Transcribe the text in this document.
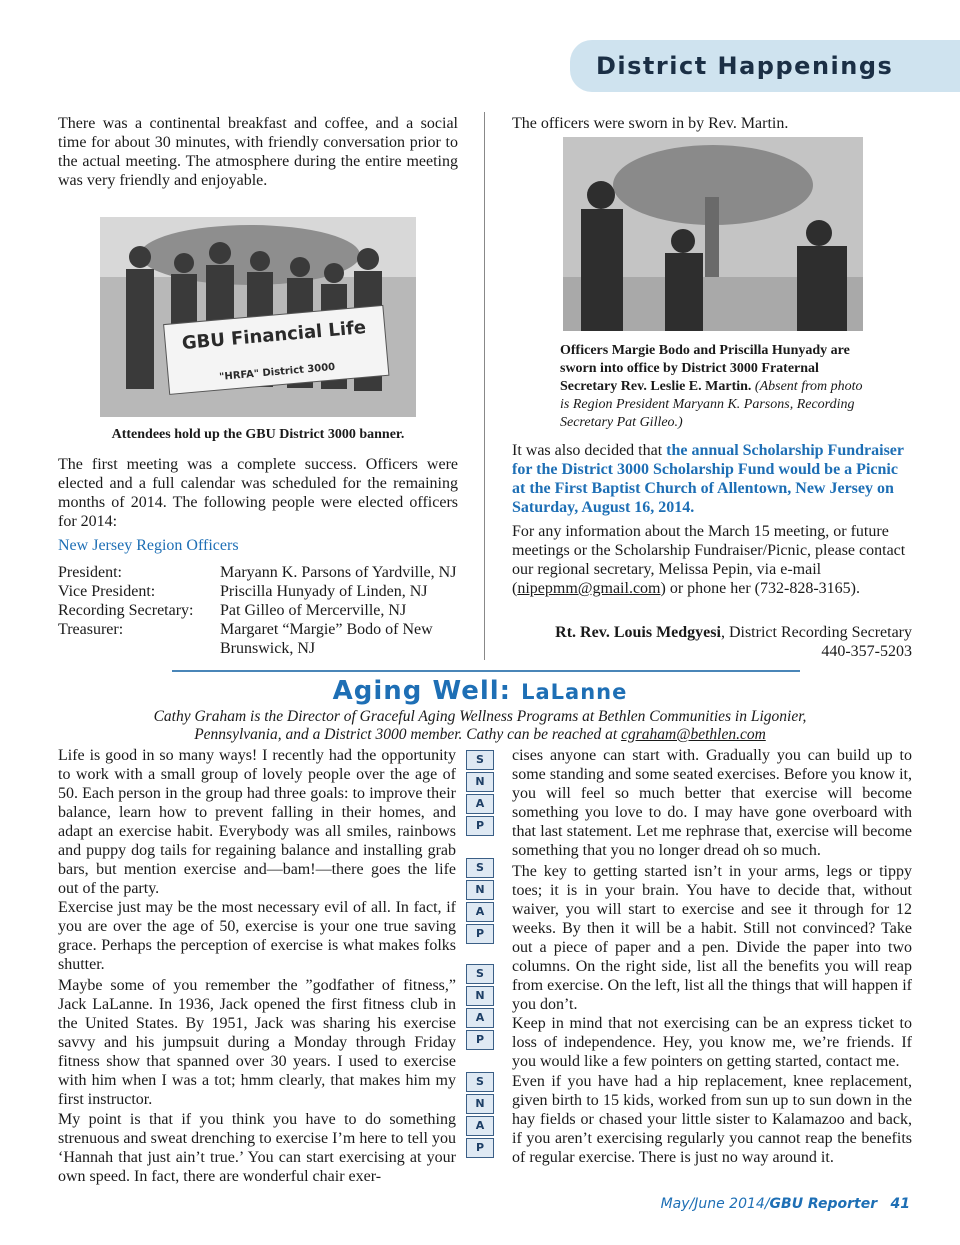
District Happenings

There was a continental breakfast and coffee, and a social time for about 30 minutes, with friendly conversation prior to the actual meeting. The atmosphere during the entire meeting was very friendly and enjoyable.

GBU Financial Life
"HRFA" District 3000

Attendees hold up the GBU District 3000 banner.

The first meeting was a complete success. Officers were elected and a full calendar was scheduled for the remaining months of 2014. The following people were elected officers for 2014:

New Jersey Region Officers

President:	Maryann K. Parsons of Yardville, NJ
Vice President:	Priscilla Hunyady of Linden, NJ
Recording Secretary:	Pat Gilleo of Mercerville, NJ
Treasurer:	Margaret “Margie” Bodo of New Brunswick, NJ

The officers were sworn in by Rev. Martin.

Officers Margie Bodo and Priscilla Hunyady are sworn into office by District 3000 Fraternal Secretary Rev. Leslie E. Martin. (Absent from photo is Region President Maryann K. Parsons, Recording Secretary Pat Gilleo.)

It was also decided that the annual Scholarship Fundraiser for the District 3000 Scholarship Fund would be a Picnic at the First Baptist Church of Allentown, New Jersey on Saturday, August 16, 2014.

For any information about the March 15 meeting, or future meetings or the Scholarship Fundraiser/Picnic, please contact our regional secretary, Melissa Pepin, via e-mail (nipepmm@gmail.com) or phone her (732-828-3165).

Rt. Rev. Louis Medgyesi, District Recording Secretary
440-357-5203

Aging Well: LaLanne

Cathy Graham is the Director of Graceful Aging Wellness Programs at Bethlen Communities in Ligonier, Pennsylvania, and a District 3000 member. Cathy can be reached at cgraham@bethlen.com

Life is good in so many ways! I recently had the opportunity to work with a small group of lovely people over the age of 50. Each person in the group had three goals: to improve their balance, learn how to prevent falling in their homes, and adapt an exercise habit. Everybody was all smiles, rainbows and puppy dog tails for regaining balance and installing grab bars, but mention exercise and—bam!—there goes the life out of the party.

Exercise just may be the most necessary evil of all. In fact, if you are over the age of 50, exercise is your one true saving grace. Perhaps the perception of exercise is what makes folks shutter.

Maybe some of you remember the ”godfather of fitness,” Jack LaLanne. In 1936, Jack opened the first fitness club in the United States. By 1951, Jack was sharing his exercise savvy and his jumpsuit during a Monday through Friday fitness show that spanned over 30 years. I used to exercise with him when I was a tot; hmm clearly, that makes him my first instructor.

My point is that if you think you have to do something strenuous and sweat drenching to exercise I’m here to tell you ‘Hannah that just ain’t true.’ You can start exercising at your own speed. In fact, there are wonderful chair exer-

S
N
A
P
S
N
A
P
S
N
A
P
S
N
A
P

cises anyone can start with. Gradually you can build up to some standing and some seated exercises. Before you know it, you will feel so much better that exercise will become something you love to do. I may have gone overboard with that last statement. Let me rephrase that, exercise will become something that you no longer dread oh so much.

The key to getting started isn’t in your arms, legs or tippy toes; it is in your brain. You have to decide that, without waiver, you will start to exercise and see it through for 12 weeks. By then it will be a habit. Still not convinced? Take out a piece of paper and a pen. Divide the paper into two columns. On the right side, list all the benefits you will reap from exercise. On the left, list all the things that will happen if you don’t.

Keep in mind that not exercising can be an express ticket to loss of independence. Hey, you know me, we’re friends. If you would like a few pointers on getting started, contact me.

Even if you have had a hip replacement, knee replacement, given birth to 15 kids, worked from sun up to sun down in the hay fields or chased your little sister to Kalamazoo and back, if you aren’t exercising regularly you cannot reap the benefits of regular exercise. There is just no way around it.

May/June 2014/GBU Reporter 41
